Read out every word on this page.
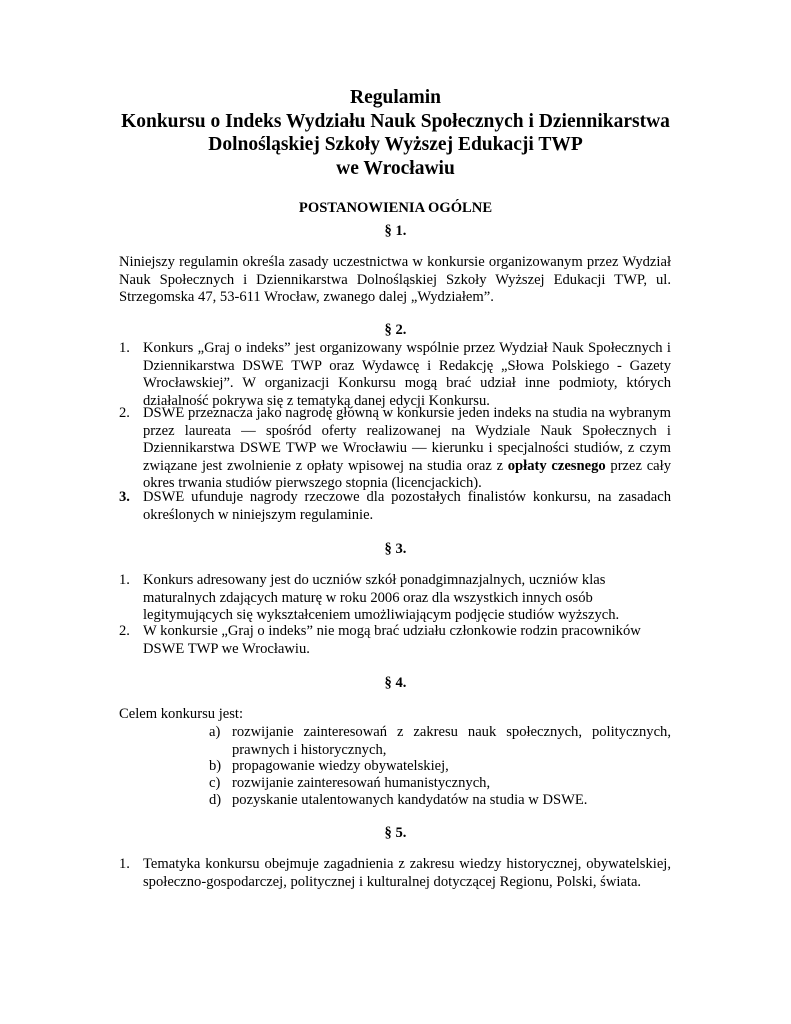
Regulamin
Konkursu o Indeks Wydziału Nauk Społecznych i Dziennikarstwa
Dolnośląskiej Szkoły Wyższej Edukacji TWP
we Wrocławiu
POSTANOWIENIA OGÓLNE
§ 1.
Niniejszy regulamin określa zasady uczestnictwa w konkursie organizowanym przez Wydział Nauk Społecznych i Dziennikarstwa Dolnośląskiej Szkoły Wyższej Edukacji TWP, ul. Strzegomska 47, 53-611 Wrocław, zwanego dalej „Wydziałem”.
§ 2.
1. Konkurs „Graj o indeks” jest organizowany wspólnie przez Wydział Nauk Społecznych i Dziennikarstwa DSWE TWP oraz Wydawcę i Redakcję „Słowa Polskiego - Gazety Wrocławskiej”. W organizacji Konkursu mogą brać udział inne podmioty, których działalność pokrywa się z tematyką danej edycji Konkursu.
2. DSWE przeznacza jako nagrodę główną w konkursie jeden indeks na studia na wybranym przez laureata — spośród oferty realizowanej na Wydziale Nauk Społecznych i Dziennikarstwa DSWE TWP we Wrocławiu — kierunku i specjalności studiów, z czym związane jest zwolnienie z opłaty wpisowej na studia oraz z opłaty czesnego przez cały okres trwania studiów pierwszego stopnia (licencjackich).
3. DSWE ufunduje nagrody rzeczowe dla pozostałych finalistów konkursu, na zasadach określonych w niniejszym regulaminie.
§ 3.
1. Konkurs adresowany jest do uczniów szkół ponadgimnazjalnych, uczniów klas maturalnych zdających maturę w roku 2006 oraz dla wszystkich innych osób legitymujących się wykształceniem umożliwiającym podjęcie studiów wyższych.
2. W konkursie „Graj o indeks” nie mogą brać udziału członkowie rodzin pracowników DSWE TWP we Wrocławiu.
§ 4.
Celem konkursu jest:
a) rozwijanie zainteresowań z zakresu nauk społecznych, politycznych, prawnych i historycznych,
b) propagowanie wiedzy obywatelskiej,
c) rozwijanie zainteresowań humanistycznych,
d) pozyskanie utalentowanych kandydatów na studia w DSWE.
§ 5.
1. Tematyka konkursu obejmuje zagadnienia z zakresu wiedzy historycznej, obywatelskiej, społeczno-gospodarczej, politycznej i kulturalnej dotyczącej Regionu, Polski, świata.
